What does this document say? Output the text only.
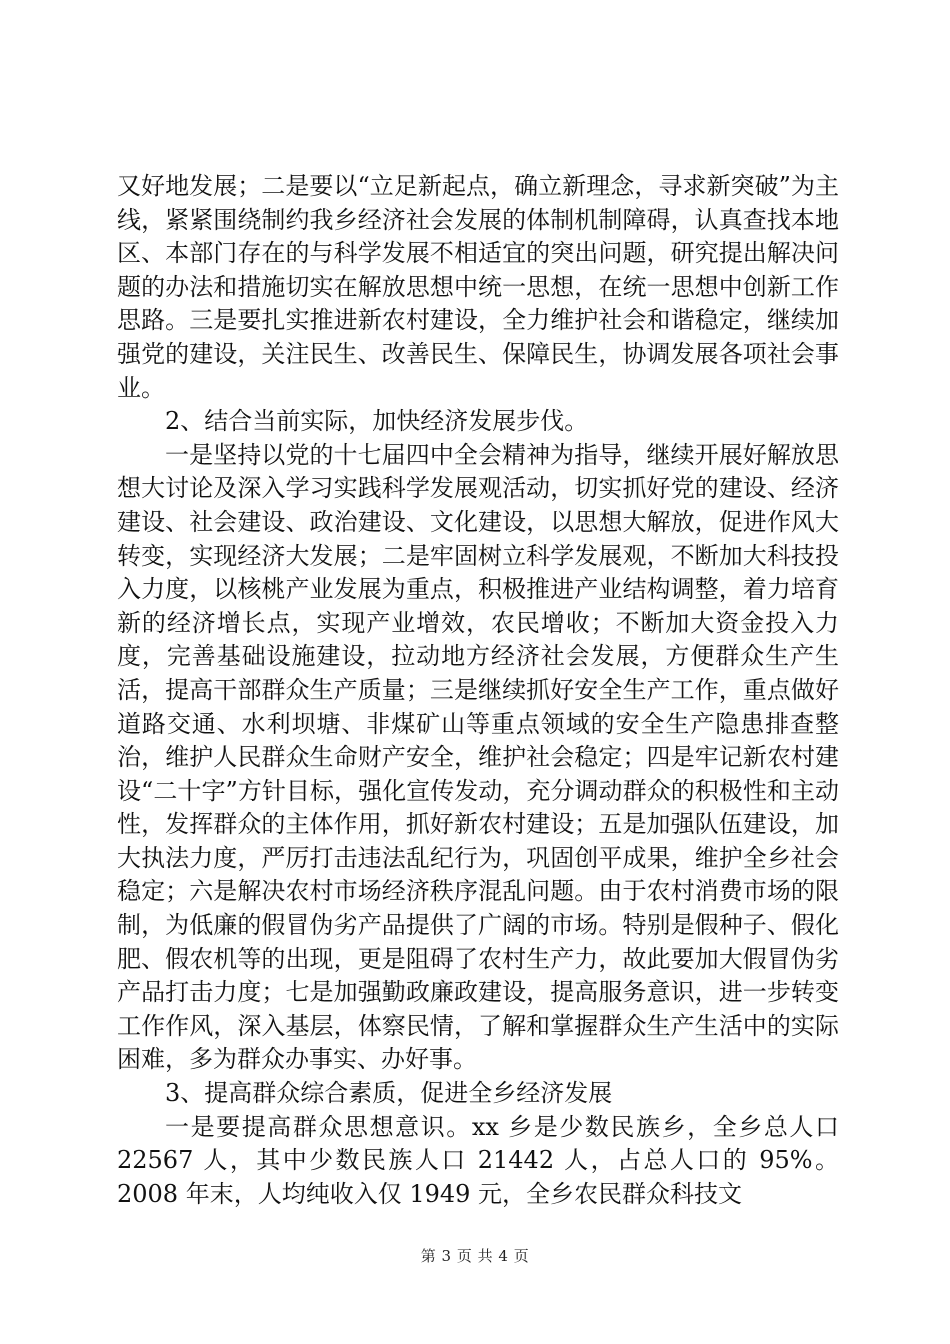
又好地发展；二是要以“立足新起点，确立新理念，寻求新突破”为主线，紧紧围绕制约我乡经济社会发展的体制机制障碍，认真查找本地区、本部门存在的与科学发展不相适宜的突出问题，研究提出解决问题的办法和措施切实在解放思想中统一思想，在统一思想中创新工作思路。三是要扎实推进新农村建设，全力维护社会和谐稳定，继续加强党的建设，关注民生、改善民生、保障民生，协调发展各项社会事业。

2、结合当前实际，加快经济发展步伐。

一是坚持以党的十七届四中全会精神为指导，继续开展好解放思想大讨论及深入学习实践科学发展观活动，切实抓好党的建设、经济建设、社会建设、政治建设、文化建设，以思想大解放，促进作风大转变，实现经济大发展；二是牢固树立科学发展观，不断加大科技投入力度，以核桃产业发展为重点，积极推进产业结构调整，着力培育新的经济增长点，实现产业增效，农民增收；不断加大资金投入力度，完善基础设施建设，拉动地方经济社会发展，方便群众生产生活，提高干部群众生产质量；三是继续抓好安全生产工作，重点做好道路交通、水利坝塘、非煤矿山等重点领域的安全生产隐患排查整治，维护人民群众生命财产安全，维护社会稳定；四是牢记新农村建设“二十字”方针目标，强化宣传发动，充分调动群众的积极性和主动性，发挥群众的主体作用，抓好新农村建设；五是加强队伍建设，加大执法力度，严厉打击违法乱纪行为，巩固创平成果，维护全乡社会稳定；六是解决农村市场经济秩序混乱问题。由于农村消费市场的限制，为低廉的假冒伪劣产品提供了广阔的市场。特别是假种子、假化肥、假农机等的出现，更是阻碍了农村生产力，故此要加大假冒伪劣产品打击力度；七是加强勤政廉政建设，提高服务意识，进一步转变工作作风，深入基层，体察民情，了解和掌握群众生产生活中的实际困难，多为群众办事实、办好事。

3、提高群众综合素质，促进全乡经济发展

一是要提高群众思想意识。xx 乡是少数民族乡，全乡总人口 22567 人，其中少数民族人口 21442 人，占总人口的 95%。2008 年末，人均纯收入仅 1949 元，全乡农民群众科技文

第 3 页 共 4 页
